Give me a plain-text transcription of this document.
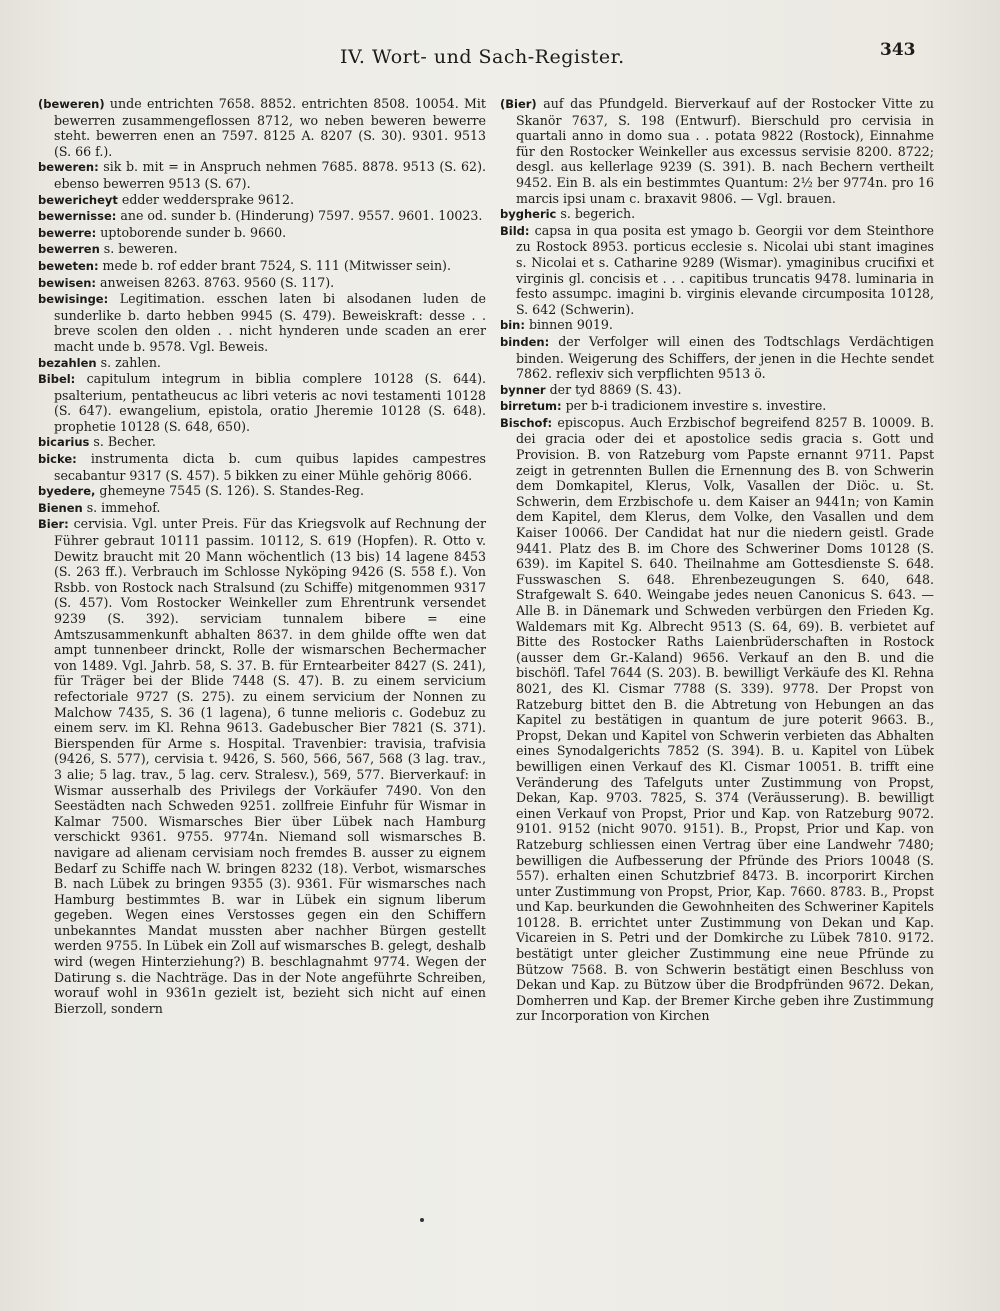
IV. Wort- und Sach-Register.	343

(beweren) unde entrichten 7658. 8852. entrichten 8508. 10054. Mit bewerren zusammengeflossen 8712, wo neben beweren bewerre steht. bewerren enen an 7597. 8125 A. 8207 (S. 30). 9301. 9513 (S. 66 f.).

beweren: sik b. mit = in Anspruch nehmen 7685. 8878. 9513 (S. 62). ebenso bewerren 9513 (S. 67).

bewericheyt edder weddersprake 9612.

bewernisse: ane od. sunder b. (Hinderung) 7597. 9557. 9601. 10023.

bewerre: uptoborende sunder b. 9660.

bewerren s. beweren.

beweten: mede b. rof edder brant 7524, S. 111 (Mitwisser sein).

bewisen: anweisen 8263. 8763. 9560 (S. 117).

bewisinge: Legitimation. esschen laten bi alsodanen luden de sunderlike b. darto hebben 9945 (S. 479). Beweiskraft: desse . . breve scolen den olden . . nicht hynderen unde scaden an erer macht unde b. 9578. Vgl. Beweis.

bezahlen s. zahlen.

Bibel: capitulum integrum in biblia complere 10128 (S. 644). psalterium, pentatheucus ac libri veteris ac novi testamenti 10128 (S. 647). ewangelium, epistola, oratio Jheremie 10128 (S. 648). prophetie 10128 (S. 648, 650).

bicarius s. Becher.

bicke: instrumenta dicta b. cum quibus lapides campestres secabantur 9317 (S. 457). 5 bikken zu einer Mühle gehörig 8066.

byedere, ghemeyne 7545 (S. 126). S. Standes-Reg.

Bienen s. immehof.

Bier: cervisia. Vgl. unter Preis. Für das Kriegsvolk auf Rechnung der Führer gebraut 10111 passim. 10112, S. 619 (Hopfen). R. Otto v. Dewitz braucht mit 20 Mann wöchentlich (13 bis) 14 lagene 8453 (S. 263 ff.). Verbrauch im Schlosse Nyköping 9426 (S. 558 f.). Von Rsbb. von Rostock nach Stralsund (zu Schiffe) mitgenommen 9317 (S. 457). Vom Rostocker Weinkeller zum Ehrentrunk versendet 9239 (S. 392). serviciam tunnalem bibere = eine Amtszusammenkunft abhalten 8637. in dem ghilde offte wen dat ampt tunnenbeer drinckt, Rolle der wismarschen Bechermacher von 1489. Vgl. Jahrb. 58, S. 37. B. für Erntearbeiter 8427 (S. 241), für Träger bei der Blide 7448 (S. 47). B. zu einem servicium refectoriale 9727 (S. 275). zu einem servicium der Nonnen zu Malchow 7435, S. 36 (1 lagena), 6 tunne melioris c. Godebuz zu einem serv. im Kl. Rehna 9613. Gadebuscher Bier 7821 (S. 371). Bierspenden für Arme s. Hospital. Travenbier: travisia, trafvisia (9426, S. 577), cervisia t. 9426, S. 560, 566, 567, 568 (3 lag. trav., 3 alie; 5 lag. trav., 5 lag. cerv. Stralesv.), 569, 577. Bierverkauf: in Wismar ausserhalb des Privilegs der Vorkäufer 7490. Von den Seestädten nach Schweden 9251. zollfreie Einfuhr für Wismar in Kalmar 7500. Wismarsches Bier über Lübek nach Hamburg verschickt 9361. 9755. 9774n. Niemand soll wismarsches B. navigare ad alienam cervisiam noch fremdes B. ausser zu eignem Bedarf zu Schiffe nach W. bringen 8232 (18). Verbot, wismarsches B. nach Lübek zu bringen 9355 (3). 9361. Für wismarsches nach Hamburg bestimmtes B. war in Lübek ein signum liberum gegeben. Wegen eines Verstosses gegen ein den Schiffern unbekanntes Mandat mussten aber nachher Bürgen gestellt werden 9755. In Lübek ein Zoll auf wismarsches B. gelegt, deshalb wird (wegen Hinterziehung?) B. beschlagnahmt 9774. Wegen der Datirung s. die Nachträge. Das in der Note angeführte Schreiben, worauf wohl in 9361n gezielt ist, bezieht sich nicht auf einen Bierzoll, sondern

(Bier) auf das Pfundgeld. Bierverkauf auf der Rostocker Vitte zu Skanör 7637, S. 198 (Entwurf). Bierschuld pro cervisia in quartali anno in domo sua . . potata 9822 (Rostock), Einnahme für den Rostocker Weinkeller aus excessus servisie 8200. 8722; desgl. aus kellerlage 9239 (S. 391). B. nach Bechern vertheilt 9452. Ein B. als ein bestimmtes Quantum: 2½ ber 9774n. pro 16 marcis ipsi unam c. braxavit 9806. — Vgl. brauen.

bygheric s. begerich.

Bild: capsa in qua posita est ymago b. Georgii vor dem Steinthore zu Rostock 8953. porticus ecclesie s. Nicolai ubi stant imagines s. Nicolai et s. Catharine 9289 (Wismar). ymaginibus crucifixi et virginis gl. concisis et . . . capitibus truncatis 9478. luminaria in festo assumpc. imagini b. virginis elevande circumposita 10128, S. 642 (Schwerin).

bin: binnen 9019.

binden: der Verfolger will einen des Todtschlags Verdächtigen binden. Weigerung des Schiffers, der jenen in die Hechte sendet 7862. reflexiv sich verpflichten 9513 ö.

bynner der tyd 8869 (S. 43).

birretum: per b-i tradicionem investire s. investire.

Bischof: episcopus. Auch Erzbischof begreifend 8257 B. 10009. B. dei gracia oder dei et apostolice sedis gracia s. Gott und Provision. B. von Ratzeburg vom Papste ernannt 9711. Papst zeigt in getrennten Bullen die Ernennung des B. von Schwerin dem Domkapitel, Klerus, Volk, Vasallen der Diöc. u. St. Schwerin, dem Erzbischofe u. dem Kaiser an 9441n; von Kamin dem Kapitel, dem Klerus, dem Volke, den Vasallen und dem Kaiser 10066. Der Candidat hat nur die niedern geistl. Grade 9441. Platz des B. im Chore des Schweriner Doms 10128 (S. 639). im Kapitel S. 640. Theilnahme am Gottesdienste S. 648. Fusswaschen S. 648. Ehrenbezeugungen S. 640, 648. Strafgewalt S. 640. Weingabe jedes neuen Canonicus S. 643. — Alle B. in Dänemark und Schweden verbürgen den Frieden Kg. Waldemars mit Kg. Albrecht 9513 (S. 64, 69). B. verbietet auf Bitte des Rostocker Raths Laienbrüderschaften in Rostock (ausser dem Gr.-Kaland) 9656. Verkauf an den B. und die bischöfl. Tafel 7644 (S. 203). B. bewilligt Verkäufe des Kl. Rehna 8021, des Kl. Cismar 7788 (S. 339). 9778. Der Propst von Ratzeburg bittet den B. die Abtretung von Hebungen an das Kapitel zu bestätigen in quantum de jure poterit 9663. B., Propst, Dekan und Kapitel von Schwerin verbieten das Abhalten eines Synodalgerichts 7852 (S. 394). B. u. Kapitel von Lübek bewilligen einen Verkauf des Kl. Cismar 10051. B. trifft eine Veränderung des Tafelguts unter Zustimmung von Propst, Dekan, Kap. 9703. 7825, S. 374 (Veräusserung). B. bewilligt einen Verkauf von Propst, Prior und Kap. von Ratzeburg 9072. 9101. 9152 (nicht 9070. 9151). B., Propst, Prior und Kap. von Ratzeburg schliessen einen Vertrag über eine Landwehr 7480; bewilligen die Aufbesserung der Pfründe des Priors 10048 (S. 557). erhalten einen Schutzbrief 8473. B. incorporirt Kirchen unter Zustimmung von Propst, Prior, Kap. 7660. 8783. B., Propst und Kap. beurkunden die Gewohnheiten des Schweriner Kapitels 10128. B. errichtet unter Zustimmung von Dekan und Kap. Vicareien in S. Petri und der Domkirche zu Lübek 7810. 9172. bestätigt unter gleicher Zustimmung eine neue Pfründe zu Bützow 7568. B. von Schwerin bestätigt einen Beschluss von Dekan und Kap. zu Bützow über die Brodpfründen 9672. Dekan, Domherren und Kap. der Bremer Kirche geben ihre Zustimmung zur Incorporation von Kirchen
